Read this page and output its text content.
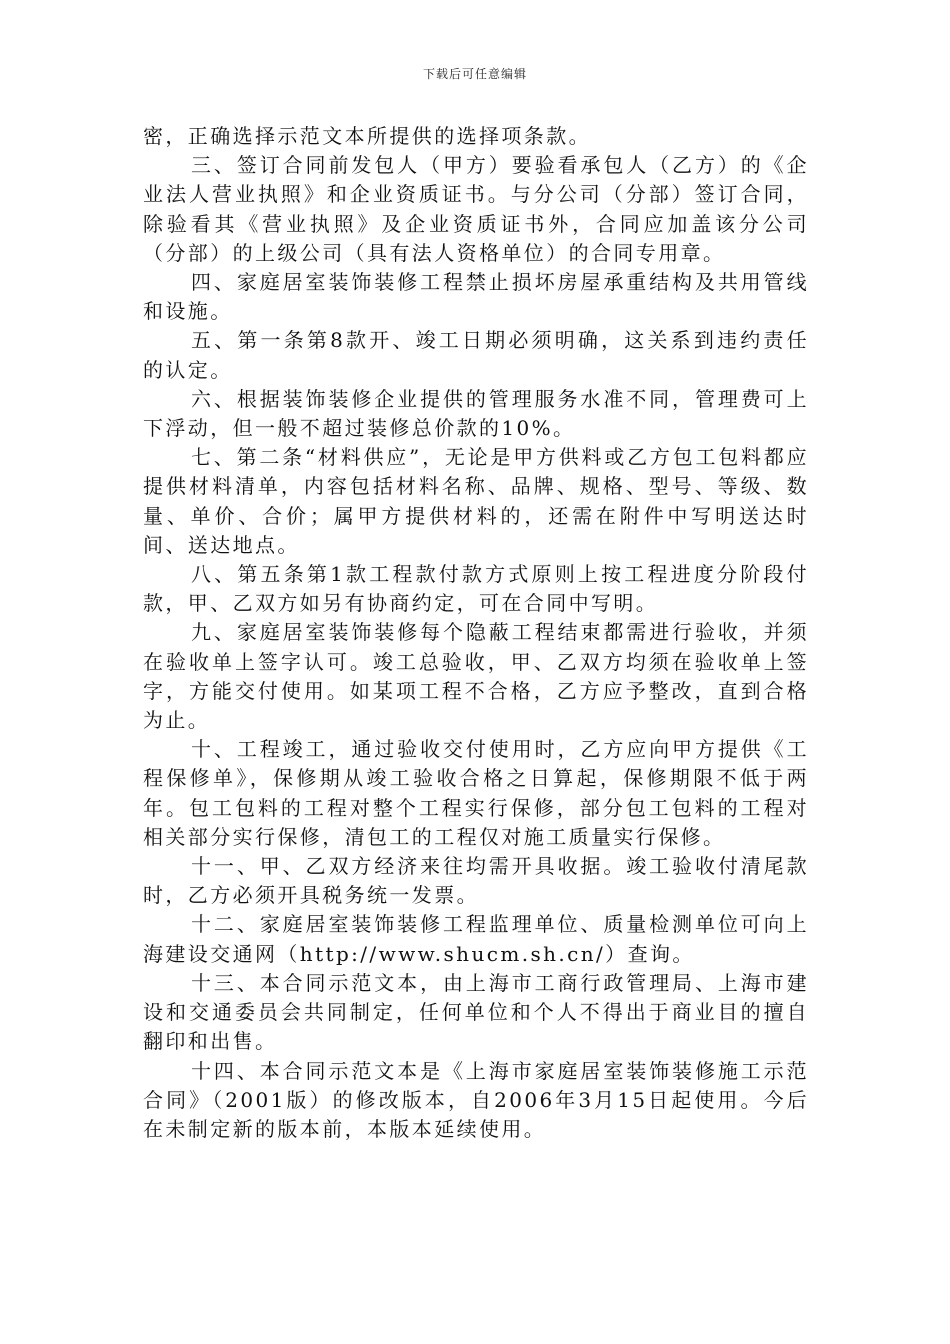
下载后可任意编辑

密，正确选择示范文本所提供的选择项条款。

三、签订合同前发包人（甲方）要验看承包人（乙方）的《企业法人营业执照》和企业资质证书。与分公司（分部）签订合同，除验看其《营业执照》及企业资质证书外，合同应加盖该分公司（分部）的上级公司（具有法人资格单位）的合同专用章。

四、家庭居室装饰装修工程禁止损坏房屋承重结构及共用管线和设施。

五、第一条第8款开、竣工日期必须明确，这关系到违约责任的认定。

六、根据装饰装修企业提供的管理服务水准不同，管理费可上下浮动，但一般不超过装修总价款的10%。

七、第二条“材料供应”，无论是甲方供料或乙方包工包料都应提供材料清单，内容包括材料名称、品牌、规格、型号、等级、数量、单价、合价；属甲方提供材料的，还需在附件中写明送达时间、送达地点。

八、第五条第1款工程款付款方式原则上按工程进度分阶段付款，甲、乙双方如另有协商约定，可在合同中写明。

九、家庭居室装饰装修每个隐蔽工程结束都需进行验收，并须在验收单上签字认可。竣工总验收，甲、乙双方均须在验收单上签字，方能交付使用。如某项工程不合格，乙方应予整改，直到合格为止。

十、工程竣工，通过验收交付使用时，乙方应向甲方提供《工程保修单》，保修期从竣工验收合格之日算起，保修期限不低于两年。包工包料的工程对整个工程实行保修，部分包工包料的工程对相关部分实行保修，清包工的工程仅对施工质量实行保修。

十一、甲、乙双方经济来往均需开具收据。竣工验收付清尾款时，乙方必须开具税务统一发票。

十二、家庭居室装饰装修工程监理单位、质量检测单位可向上海建设交通网（http://www.shucm.sh.cn/）查询。

十三、本合同示范文本，由上海市工商行政管理局、上海市建设和交通委员会共同制定，任何单位和个人不得出于商业目的擅自翻印和出售。

十四、本合同示范文本是《上海市家庭居室装饰装修施工示范合同》（2001版）的修改版本，自2006年3月15日起使用。今后在未制定新的版本前，本版本延续使用。
